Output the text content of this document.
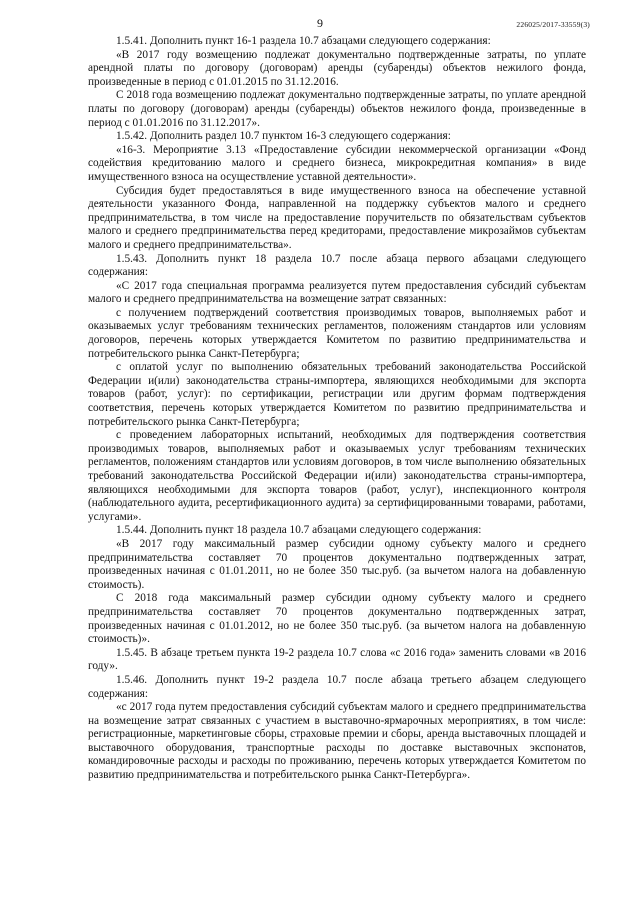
9	226025/2017-33559(3)

1.5.41. Дополнить пункт 16-1 раздела 10.7 абзацами следующего содержания:

«В 2017 году возмещению подлежат документально подтвержденные затраты, по уплате арендной платы по договору (договорам) аренды (субаренды) объектов нежилого фонда, произведенные в период с 01.01.2015 по 31.12.2016.

С 2018 года возмещению подлежат документально подтвержденные затраты, по уплате арендной платы по договору (договорам) аренды (субаренды) объектов нежилого фонда, произведенные в период с 01.01.2016 по 31.12.2017».

1.5.42. Дополнить раздел 10.7 пунктом 16-3 следующего содержания:

«16-3. Мероприятие 3.13 «Предоставление субсидии некоммерческой организации «Фонд содействия кредитованию малого и среднего бизнеса, микрокредитная компания» в виде имущественного взноса на осуществление уставной деятельности».

Субсидия будет предоставляться в виде имущественного взноса на обеспечение уставной деятельности указанного Фонда, направленной на поддержку субъектов малого и среднего предпринимательства, в том числе на предоставление поручительств по обязательствам субъектов малого и среднего предпринимательства перед кредиторами, предоставление микрозаймов субъектам малого и среднего предпринимательства».

1.5.43. Дополнить пункт 18 раздела 10.7 после абзаца первого абзацами следующего содержания:

«С 2017 года специальная программа реализуется путем предоставления субсидий субъектам малого и среднего предпринимательства на возмещение затрат связанных:

с получением подтверждений соответствия производимых товаров, выполняемых работ и оказываемых услуг требованиям технических регламентов, положениям стандартов или условиям договоров, перечень которых утверждается Комитетом по развитию предпринимательства и потребительского рынка Санкт-Петербурга;

с оплатой услуг по выполнению обязательных требований законодательства Российской Федерации и(или) законодательства страны-импортера, являющихся необходимыми для экспорта товаров (работ, услуг): по сертификации, регистрации или другим формам подтверждения соответствия, перечень которых утверждается Комитетом по развитию предпринимательства и потребительского рынка Санкт-Петербурга;

с проведением лабораторных испытаний, необходимых для подтверждения соответствия производимых товаров, выполняемых работ и оказываемых услуг требованиям технических регламентов, положениям стандартов или условиям договоров, в том числе выполнению обязательных требований законодательства Российской Федерации и(или) законодательства страны-импортера, являющихся необходимыми для экспорта товаров (работ, услуг), инспекционного контроля (наблюдательного аудита, ресертификационного аудита) за сертифицированными товарами, работами, услугами».

1.5.44. Дополнить пункт 18 раздела 10.7 абзацами следующего содержания:

«В 2017 году максимальный размер субсидии одному субъекту малого и среднего предпринимательства составляет 70 процентов документально подтвержденных затрат, произведенных начиная с 01.01.2011, но не более 350 тыс.руб. (за вычетом налога на добавленную стоимость).

С 2018 года максимальный размер субсидии одному субъекту малого и среднего предпринимательства составляет 70 процентов документально подтвержденных затрат, произведенных начиная с 01.01.2012, но не более 350 тыс.руб. (за вычетом налога на добавленную стоимость)».

1.5.45. В абзаце третьем пункта 19-2 раздела 10.7 слова «с 2016 года» заменить словами «в 2016 году».

1.5.46. Дополнить пункт 19-2 раздела 10.7 после абзаца третьего абзацем следующего содержания:

«с 2017 года путем предоставления субсидий субъектам малого и среднего предпринимательства на возмещение затрат связанных с участием в выставочно-ярмарочных мероприятиях, в том числе: регистрационные, маркетинговые сборы, страховые премии и сборы, аренда выставочных площадей и выставочного оборудования, транспортные расходы по доставке выставочных экспонатов, командировочные расходы и расходы по проживанию, перечень которых утверждается Комитетом по развитию предпринимательства и потребительского рынка Санкт-Петербурга».
